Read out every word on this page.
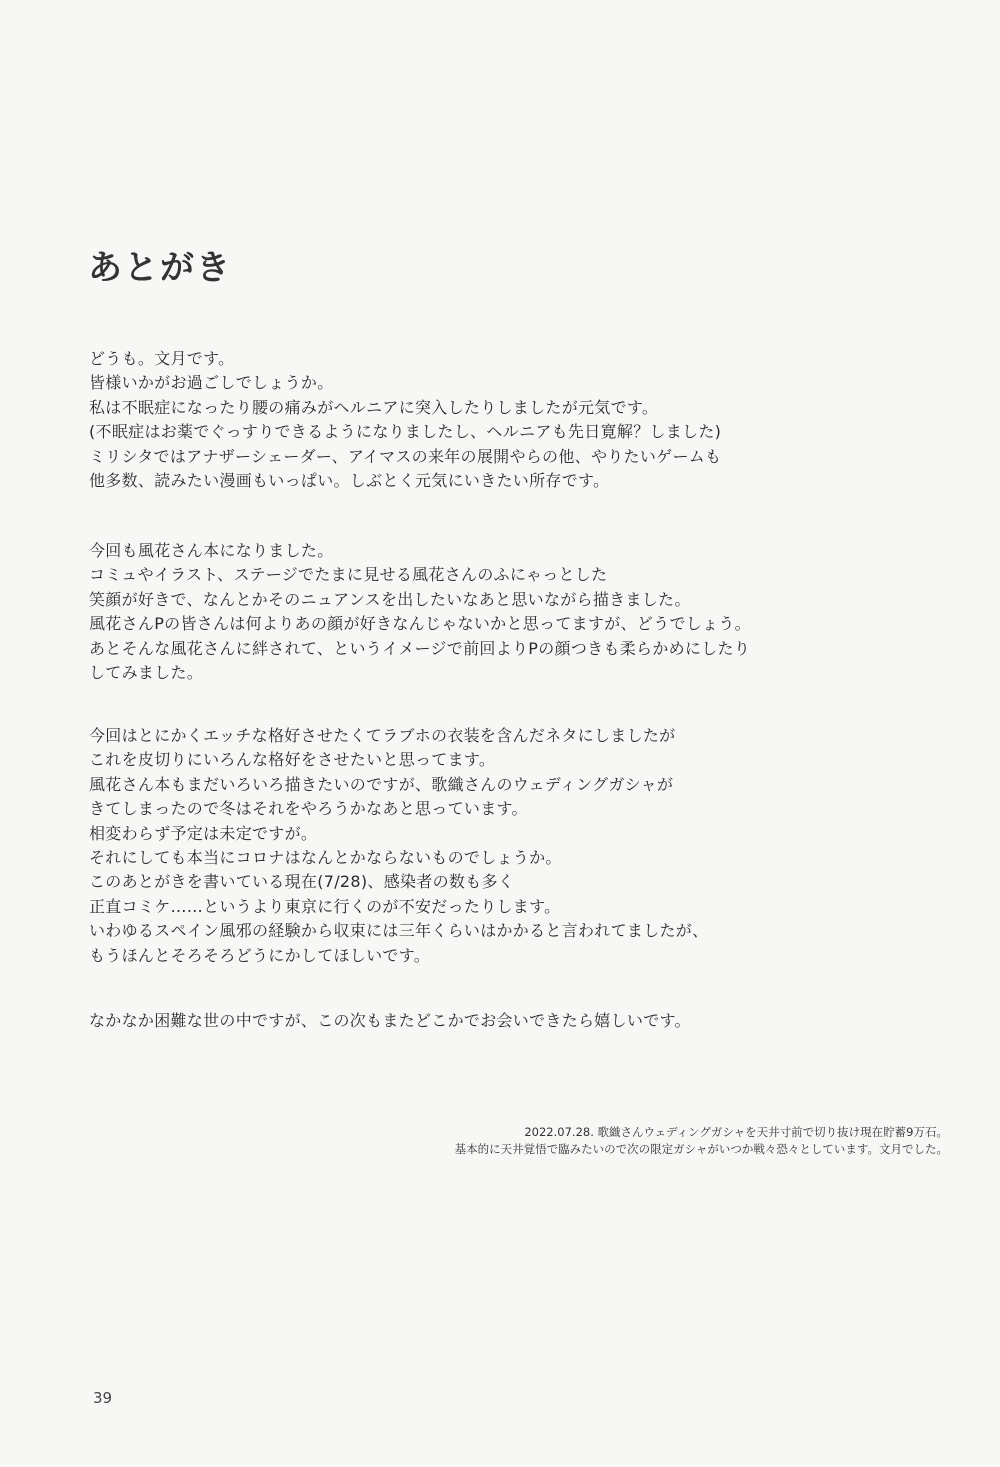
あとがき

どうも。文月です。
皆様いかがお過ごしでしょうか。
私は不眠症になったり腰の痛みがヘルニアに突入したりしましたが元気です。
(不眠症はお薬でぐっすりできるようになりましたし、ヘルニアも先日寛解？しました)
ミリシタではアナザーシェーダー、アイマスの来年の展開やらの他、やりたいゲームも
他多数、読みたい漫画もいっぱい。しぶとく元気にいきたい所存です。

今回も風花さん本になりました。
コミュやイラスト、ステージでたまに見せる風花さんのふにゃっとした
笑顔が好きで、なんとかそのニュアンスを出したいなあと思いながら描きました。
風花さんPの皆さんは何よりあの顔が好きなんじゃないかと思ってますが、どうでしょう。
あとそんな風花さんに絆されて、というイメージで前回よりPの顔つきも柔らかめにしたり
してみました。

今回はとにかくエッチな格好させたくてラブホの衣装を含んだネタにしましたが
これを皮切りにいろんな格好をさせたいと思ってます。
風花さん本もまだいろいろ描きたいのですが、歌織さんのウェディングガシャが
きてしまったので冬はそれをやろうかなあと思っています。
相変わらず予定は未定ですが。
それにしても本当にコロナはなんとかならないものでしょうか。
このあとがきを書いている現在(7/28)、感染者の数も多く
正直コミケ……というより東京に行くのが不安だったりします。
いわゆるスペイン風邪の経験から収束には三年くらいはかかると言われてましたが、
もうほんとそろそろどうにかしてほしいです。

なかなか困難な世の中ですが、この次もまたどこかでお会いできたら嬉しいです。

2022.07.28. 歌織さんウェディングガシャを天井寸前で切り抜け現在貯蓄9万石。
基本的に天井覚悟で臨みたいので次の限定ガシャがいつか戦々恐々としています。文月でした。

39
